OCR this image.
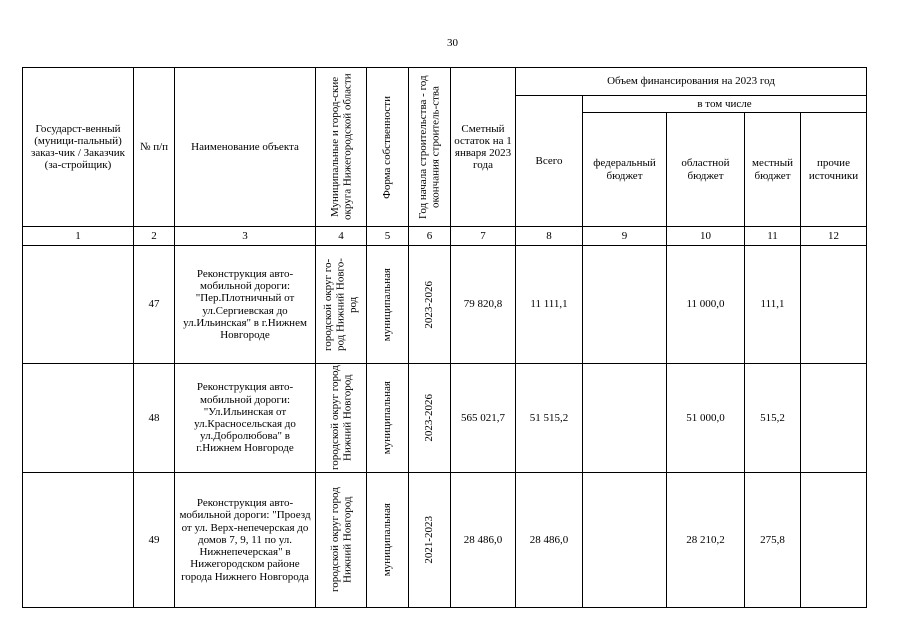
30
Государст-венный (муници-пальный) заказ-чик / Заказчик (за-стройщик)	№ п/п	Наименование объекта	Муниципальные и город-ские округа Нижегородской области	Форма собственности	Год начала строительства - год окончания строитель-ства	Сметный остаток на 1 января 2023 года	Объем финансирования на 2023 год				
							Всего	в том числе			
								федеральный бюджет	областной бюджет	местный бюджет	прочие источники
1	2	3	4	5	6	7	8	9	10	11	12
	47	Реконструкция авто-мобильной дороги: "Пер.Плотничный от ул.Сергиевская до ул.Ильинская" в г.Нижнем Новгороде	городской округ го-род Нижний Новго-род	муниципальная	2023-2026	79 820,8	11 111,1		11 000,0	111,1	
	48	Реконструкция авто-мобильной дороги: "Ул.Ильинская от ул.Красносельская до ул.Добролюбова" в г.Нижнем Новгороде	городской округ город Нижний Новгород	муниципальная	2023-2026	565 021,7	51 515,2		51 000,0	515,2	
	49	Реконструкция авто-мобильной дороги: "Проезд от ул. Верх-непечерская до домов 7, 9, 11 по ул. Нижнепечерская" в Нижегородском районе города Нижнего Новгорода	городской округ город Нижний Новгород	муниципальная	2021-2023	28 486,0	28 486,0		28 210,2	275,8	
